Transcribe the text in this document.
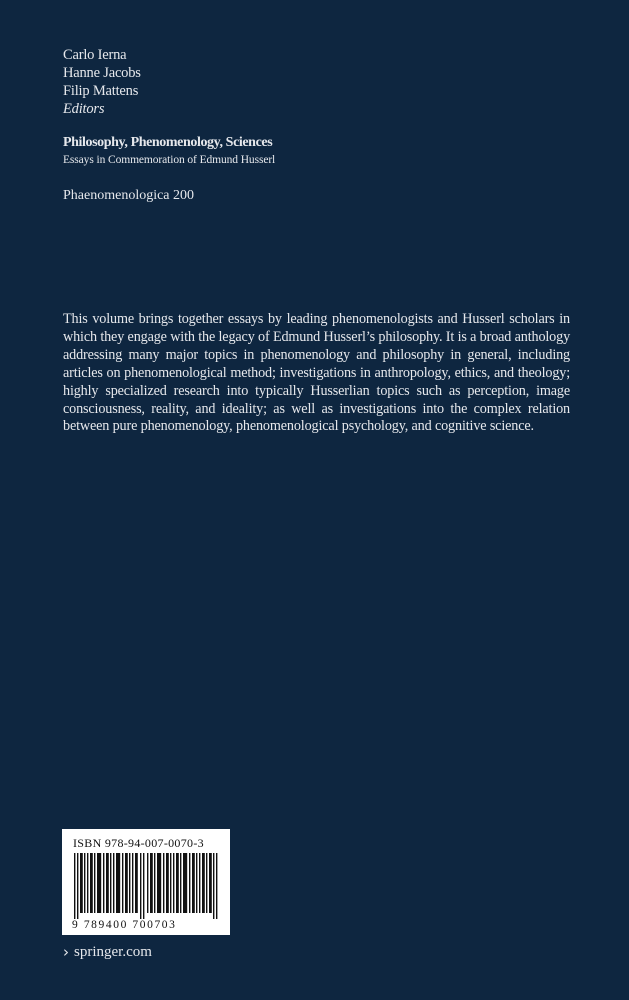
Carlo Ierna
Hanne Jacobs
Filip Mattens
Editors
Philosophy, Phenomenology, Sciences
Essays in Commemoration of Edmund Husserl
Phaenomenologica 200

This volume brings together essays by leading phenomenologists and Husserl scholars in which they engage with the legacy of Edmund Husserl’s philosophy. It is a broad anthology addressing many major topics in phenomenology and philosophy in general, including articles on phenomenological method; investigations in anthropology, ethics, and theology; highly specialized research into typically Husserlian topics such as perception, image consciousness, reality, and ideality; as well as investigations into the complex relation between pure phenomenology, phenomenological psychology, and cognitive science.

ISBN 978-94-007-0070-3
9 789400 700703
› springer.com
